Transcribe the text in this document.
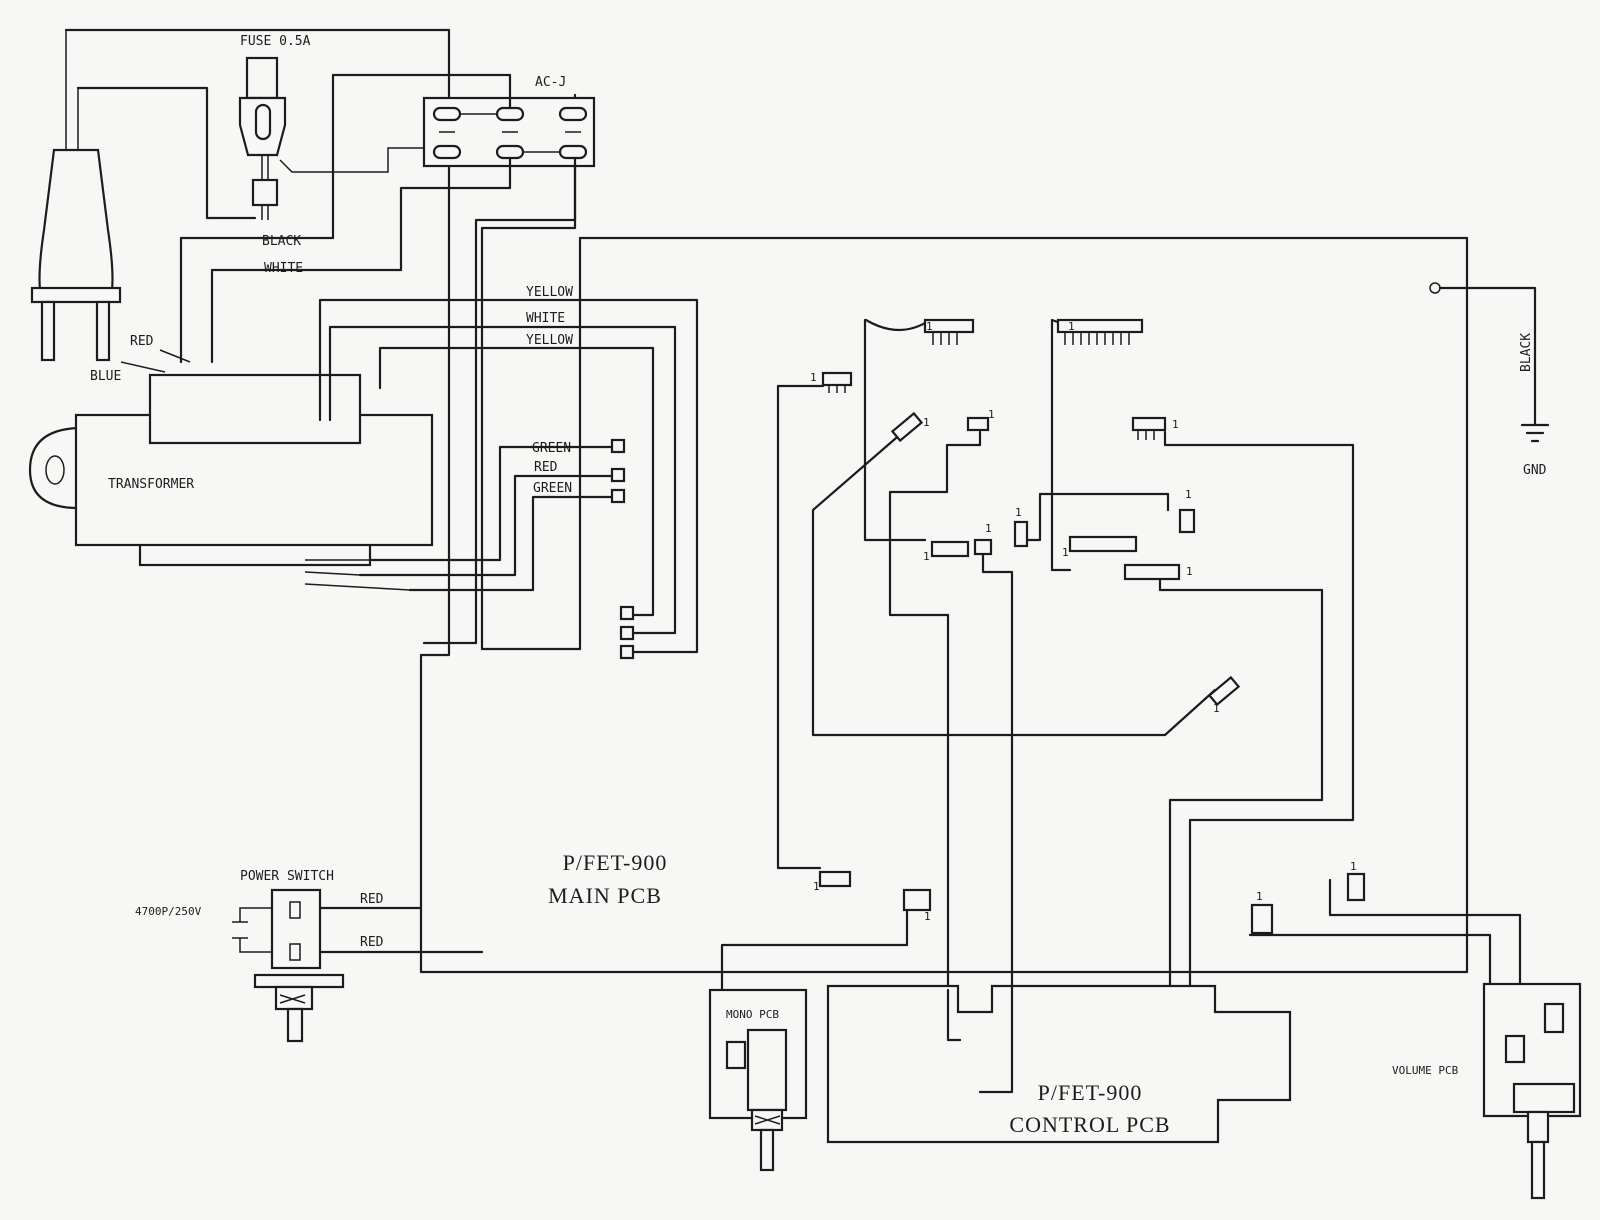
FUSE 0.5A
AC-J
BLACK
WHITE
RED
BLUE
TRANSFORMER
YELLOW
WHITE
YELLOW
GREEN
RED
GREEN
P/FET-900
MAIN PCB
1	1
1
1
1
1
1
1
1
1
1
1
1
1
1
1
1
BLACK
GND
POWER SWITCH
RED
RED
4700P/250V
MONO PCB
P/FET-900
CONTROL PCB
VOLUME PCB
